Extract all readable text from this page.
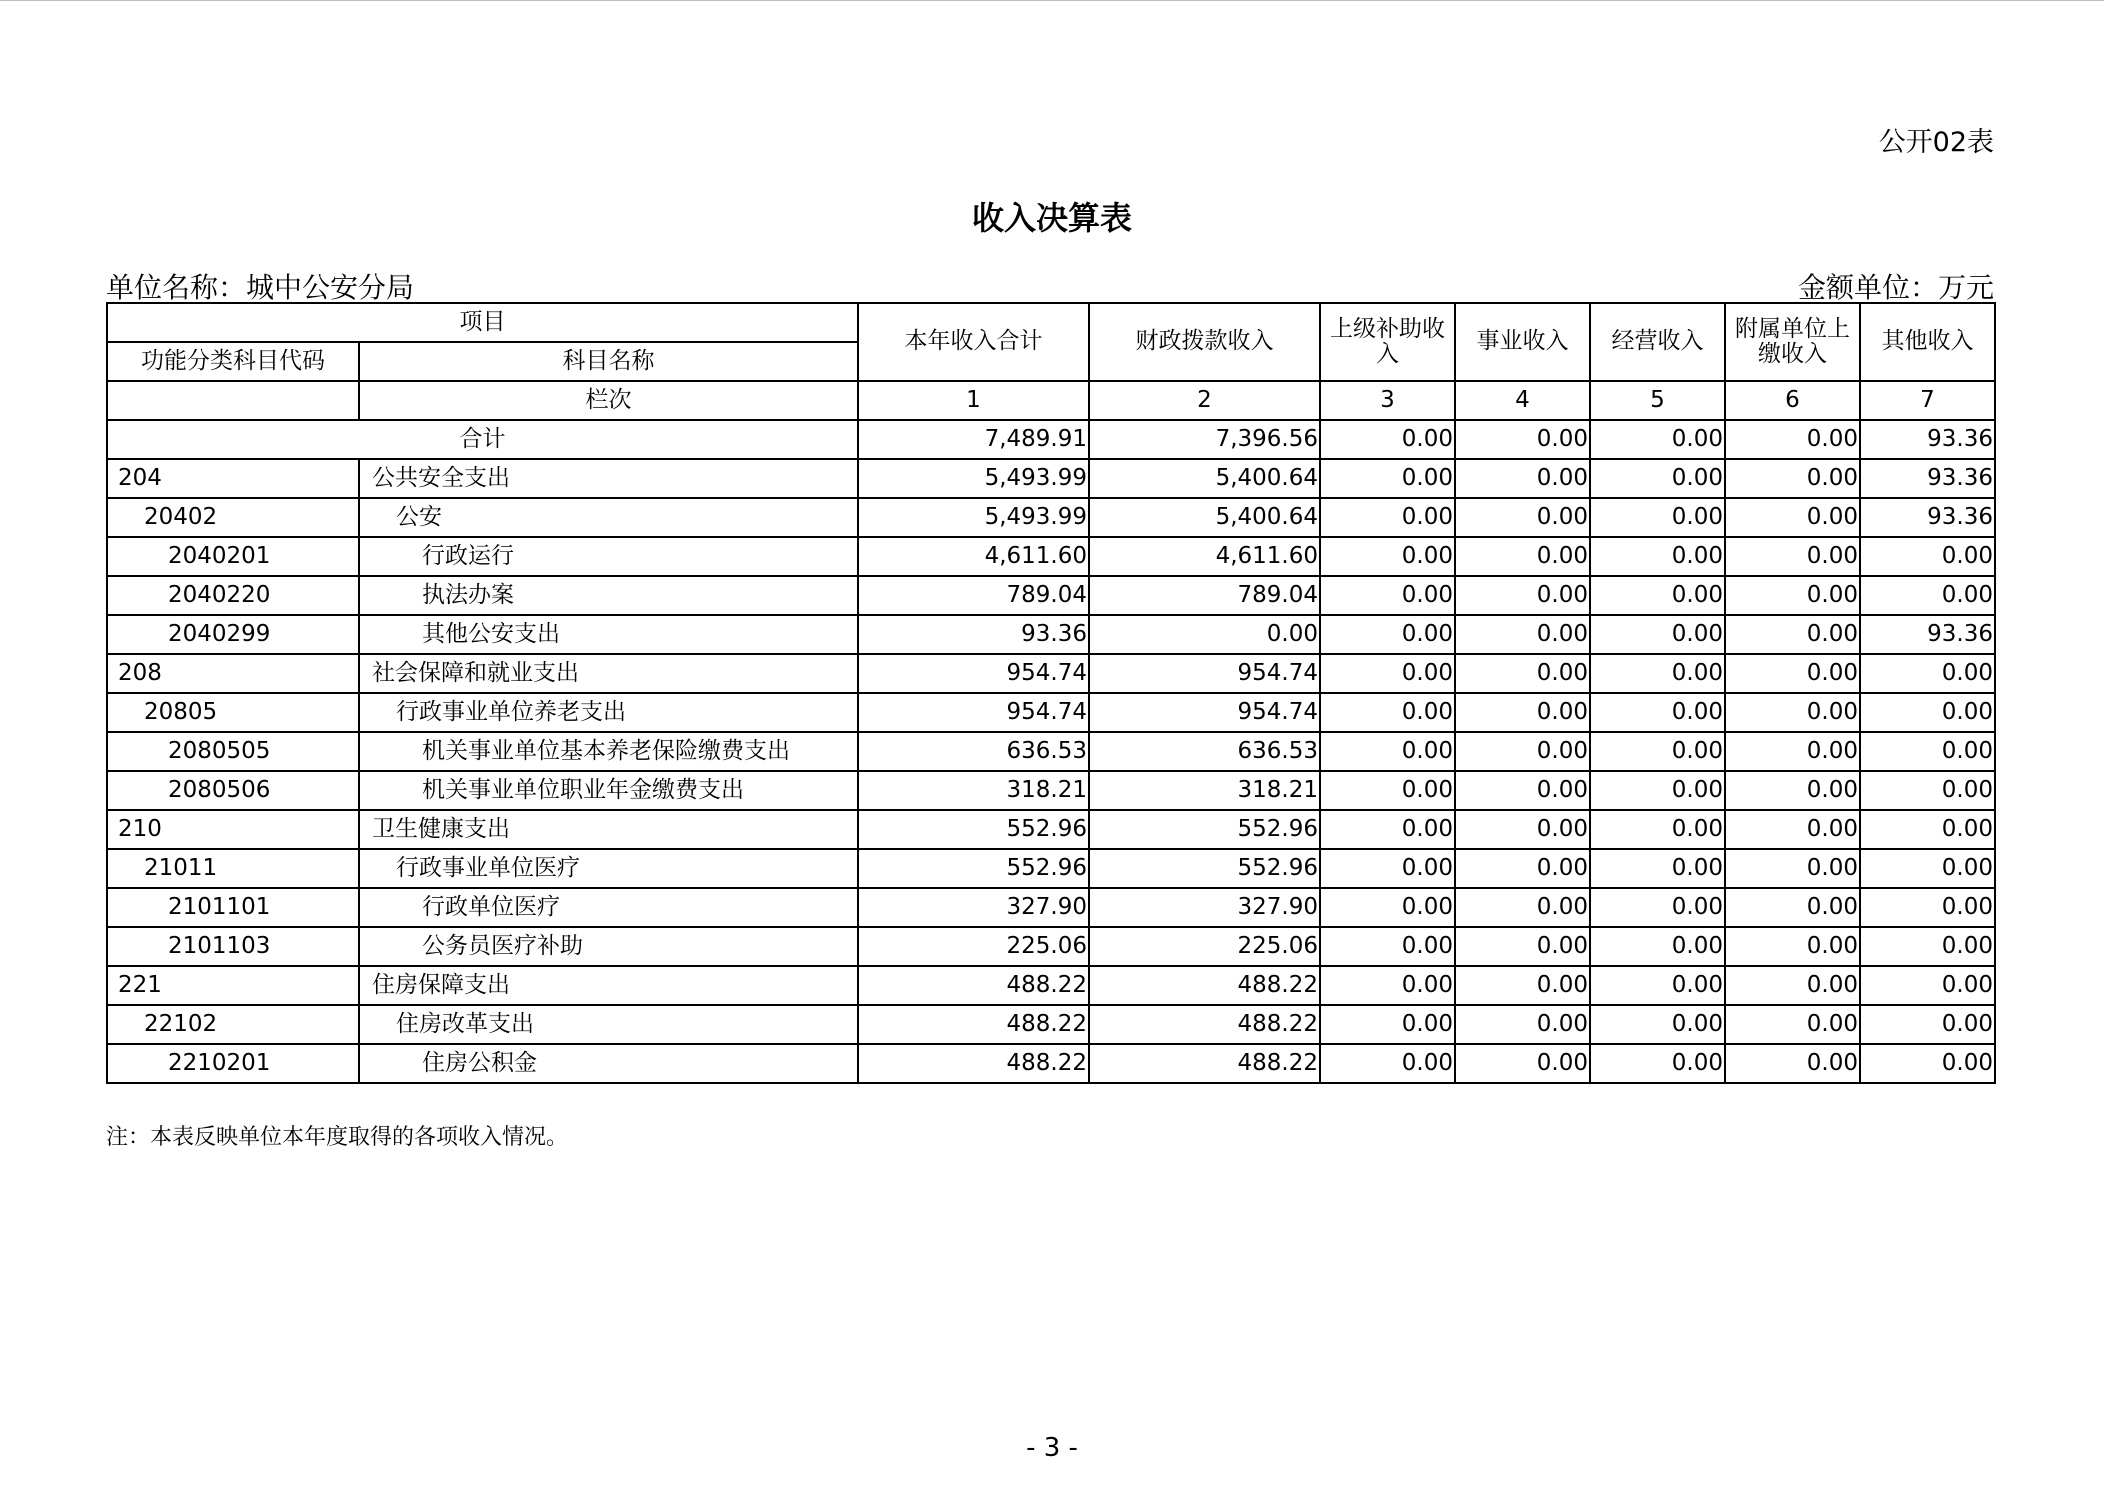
公开02表
收入决算表
单位名称：城中公安分局	金额单位：万元
项目		本年收入合计	财政拨款收入	上级补助收入	事业收入	经营收入	附属单位上缴收入	其他收入
功能分类科目代码	科目名称							
	栏次	1	2	3	4	5	6	7
合计		7,489.91	7,396.56	0.00	0.00	0.00	0.00	93.36
204	公共安全支出	5,493.99	5,400.64	0.00	0.00	0.00	0.00	93.36
20402	公安	5,493.99	5,400.64	0.00	0.00	0.00	0.00	93.36
2040201	行政运行	4,611.60	4,611.60	0.00	0.00	0.00	0.00	0.00
2040220	执法办案	789.04	789.04	0.00	0.00	0.00	0.00	0.00
2040299	其他公安支出	93.36	0.00	0.00	0.00	0.00	0.00	93.36
208	社会保障和就业支出	954.74	954.74	0.00	0.00	0.00	0.00	0.00
20805	行政事业单位养老支出	954.74	954.74	0.00	0.00	0.00	0.00	0.00
2080505	机关事业单位基本养老保险缴费支出	636.53	636.53	0.00	0.00	0.00	0.00	0.00
2080506	机关事业单位职业年金缴费支出	318.21	318.21	0.00	0.00	0.00	0.00	0.00
210	卫生健康支出	552.96	552.96	0.00	0.00	0.00	0.00	0.00
21011	行政事业单位医疗	552.96	552.96	0.00	0.00	0.00	0.00	0.00
2101101	行政单位医疗	327.90	327.90	0.00	0.00	0.00	0.00	0.00
2101103	公务员医疗补助	225.06	225.06	0.00	0.00	0.00	0.00	0.00
221	住房保障支出	488.22	488.22	0.00	0.00	0.00	0.00	0.00
22102	住房改革支出	488.22	488.22	0.00	0.00	0.00	0.00	0.00
2210201	住房公积金	488.22	488.22	0.00	0.00	0.00	0.00	0.00
注：本表反映单位本年度取得的各项收入情况。
- 3 -
